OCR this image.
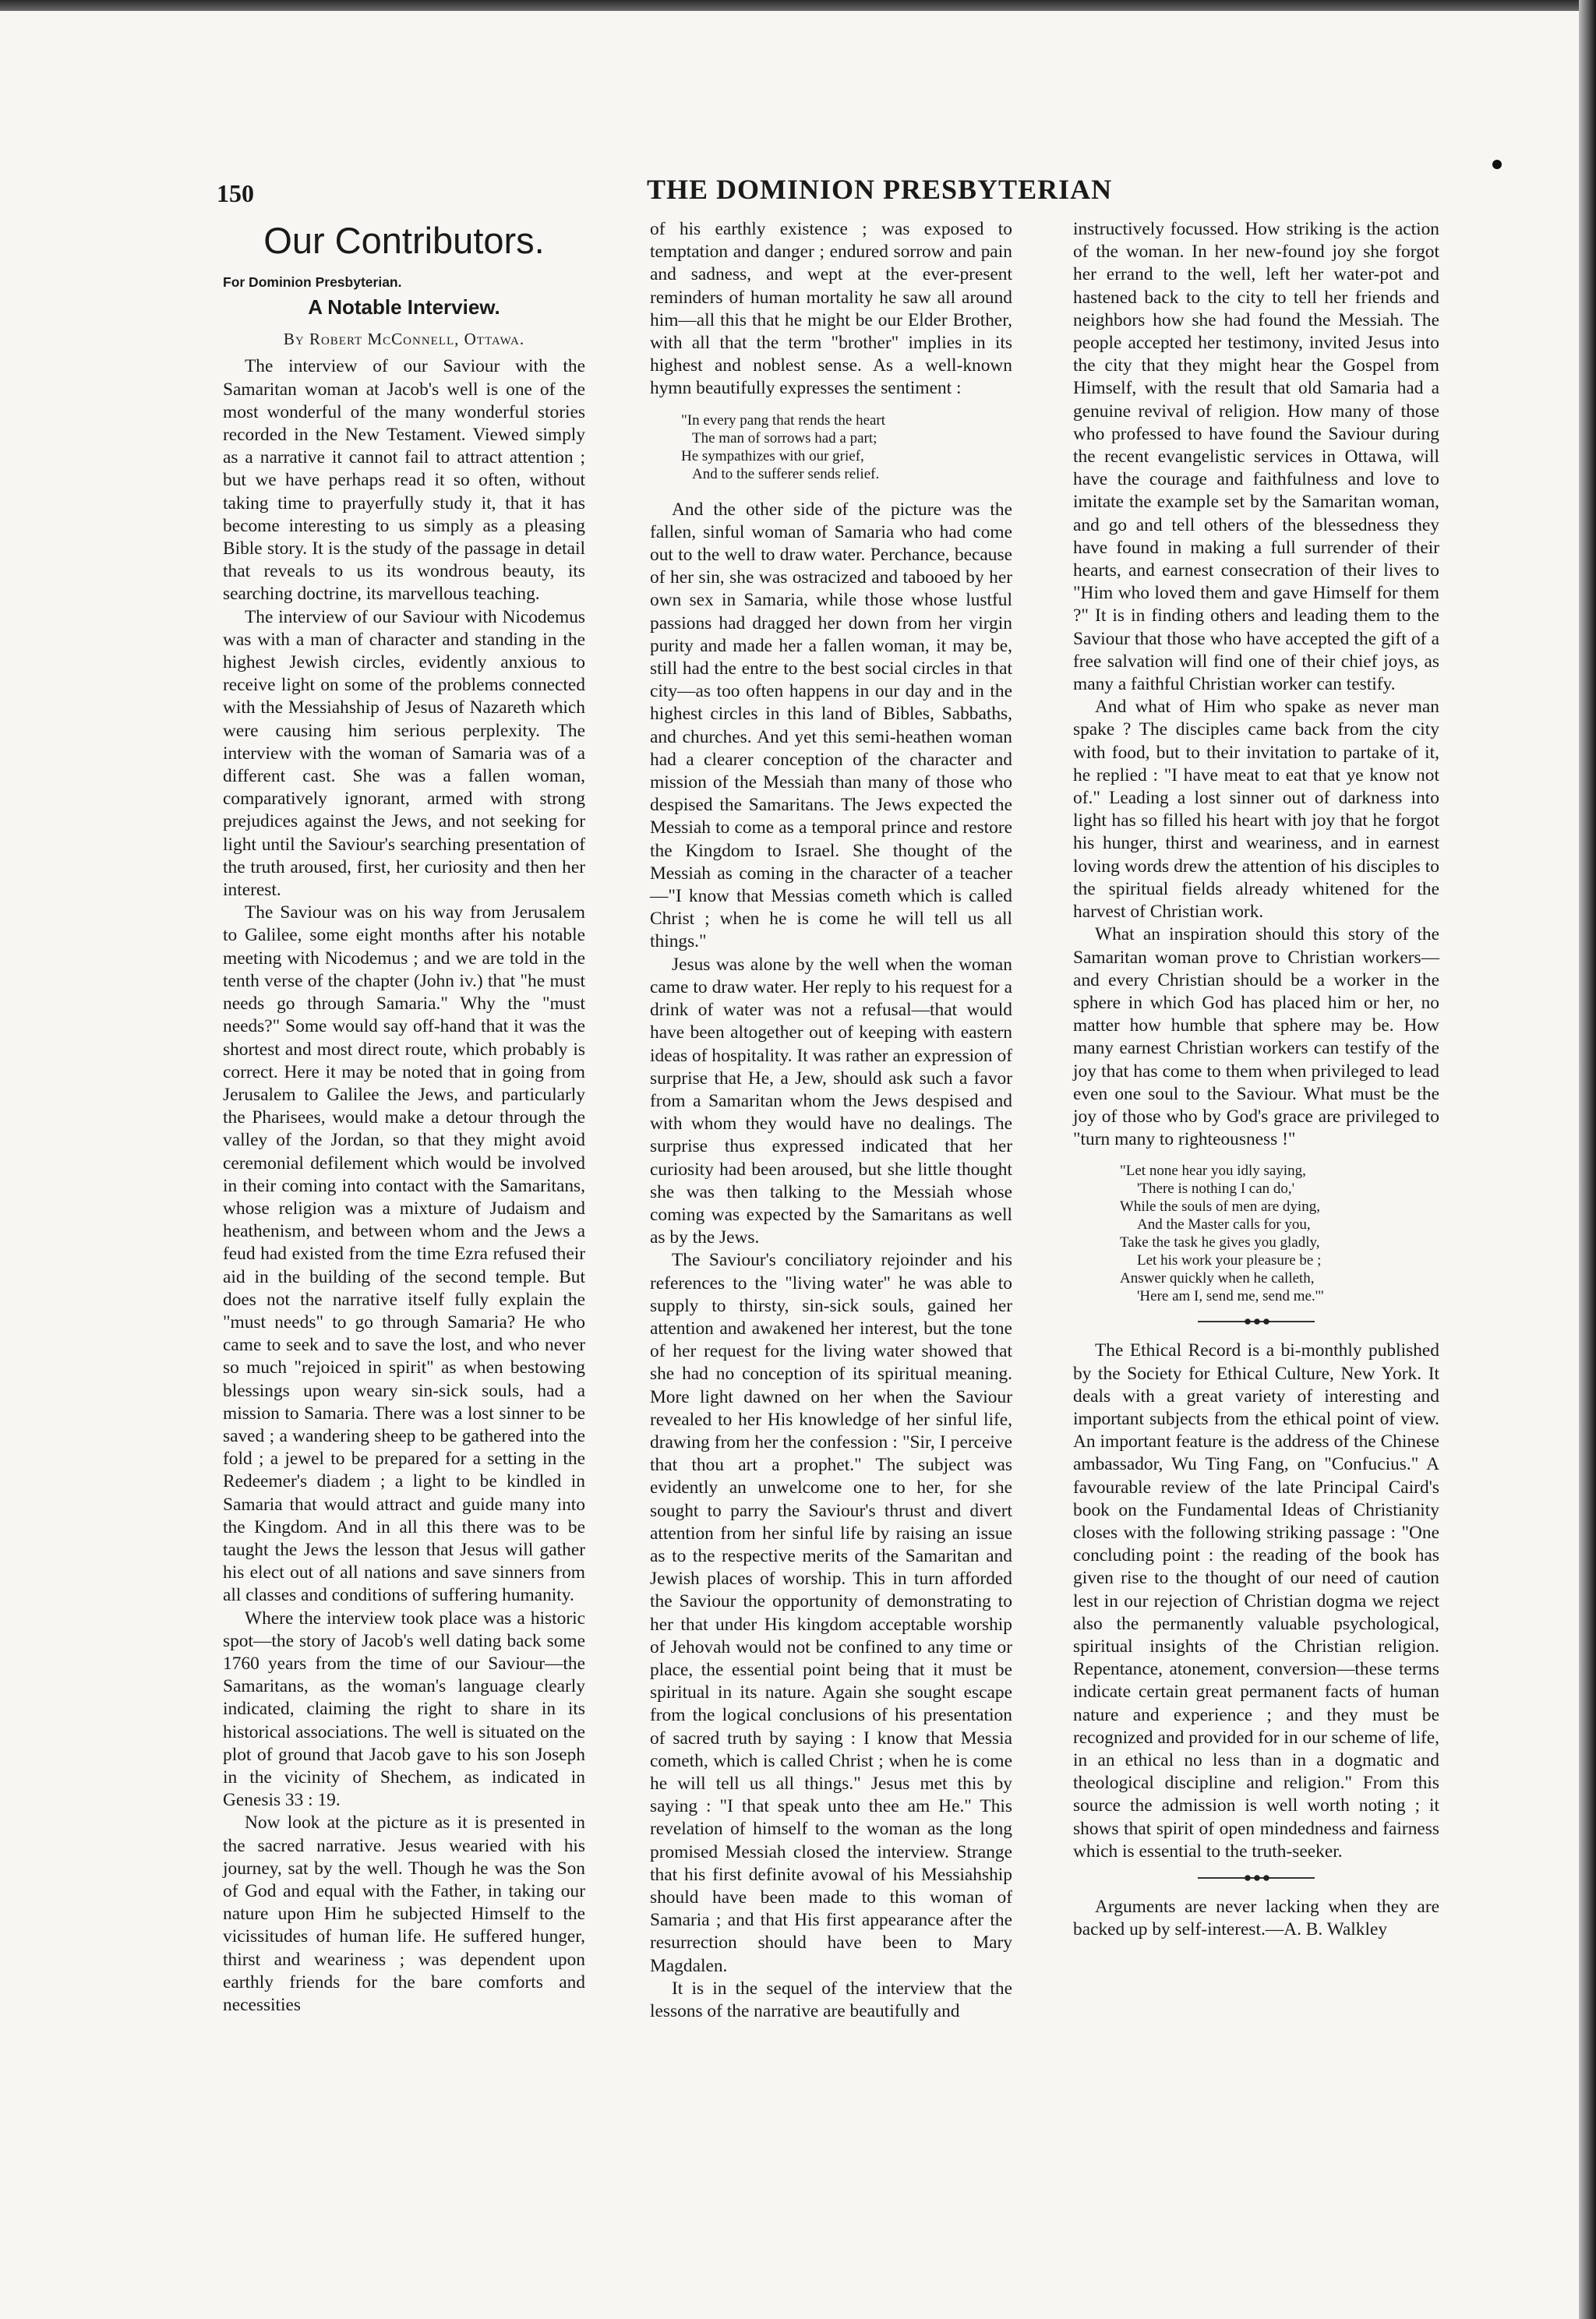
150	THE DOMINION PRESBYTERIAN
Our Contributors.

For Dominion Presbyterian.

A Notable Interview.
By Robert McConnell, Ottawa.

The interview of our Saviour with the Samaritan woman at Jacob's well is one of the most wonderful of the many wonderful stories recorded in the New Testament. Viewed simply as a narrative it cannot fail to attract attention ; but we have perhaps read it so often, without taking time to prayerfully study it, that it has become interesting to us simply as a pleasing Bible story. It is the study of the passage in detail that reveals to us its wondrous beauty, its searching doctrine, its marvellous teaching.

The interview of our Saviour with Nicodemus was with a man of character and standing in the highest Jewish circles, evidently anxious to receive light on some of the problems connected with the Messiahship of Jesus of Nazareth which were causing him serious perplexity. The interview with the woman of Samaria was of a different cast. She was a fallen woman, comparatively ignorant, armed with strong prejudices against the Jews, and not seeking for light until the Saviour's searching presentation of the truth aroused, first, her curiosity and then her interest.

The Saviour was on his way from Jerusalem to Galilee, some eight months after his notable meeting with Nicodemus ; and we are told in the tenth verse of the chapter (John iv.) that "he must needs go through Samaria." Why the "must needs?" Some would say off-hand that it was the shortest and most direct route, which probably is correct. Here it may be noted that in going from Jerusalem to Galilee the Jews, and particularly the Pharisees, would make a detour through the valley of the Jordan, so that they might avoid ceremonial defilement which would be involved in their coming into contact with the Samaritans, whose religion was a mixture of Judaism and heathenism, and between whom and the Jews a feud had existed from the time Ezra refused their aid in the building of the second temple. But does not the narrative itself fully explain the "must needs" to go through Samaria? He who came to seek and to save the lost, and who never so much "rejoiced in spirit" as when bestowing blessings upon weary sin-sick souls, had a mission to Samaria. There was a lost sinner to be saved ; a wandering sheep to be gathered into the fold ; a jewel to be prepared for a setting in the Redeemer's diadem ; a light to be kindled in Samaria that would attract and guide many into the Kingdom. And in all this there was to be taught the Jews the lesson that Jesus will gather his elect out of all nations and save sinners from all classes and conditions of suffering humanity.

Where the interview took place was a historic spot—the story of Jacob's well dating back some 1760 years from the time of our Saviour—the Samaritans, as the woman's language clearly indicated, claiming the right to share in its historical associations. The well is situated on the plot of ground that Jacob gave to his son Joseph in the vicinity of Shechem, as indicated in Genesis 33 : 19.

Now look at the picture as it is presented in the sacred narrative. Jesus wearied with his journey, sat by the well. Though he was the Son of God and equal with the Father, in taking our nature upon Him he subjected Himself to the vicissitudes of human life. He suffered hunger, thirst and weariness ; was dependent upon earthly friends for the bare comforts and necessities

of his earthly existence ; was exposed to temptation and danger ; endured sorrow and pain and sadness, and wept at the ever-present reminders of human mortality he saw all around him—all this that he might be our Elder Brother, with all that the term "brother" implies in its highest and noblest sense. As a well-known hymn beautifully expresses the sentiment :

"In every pang that rends the heart
The man of sorrows had a part;
He sympathizes with our grief,
And to the sufferer sends relief.

And the other side of the picture was the fallen, sinful woman of Samaria who had come out to the well to draw water. Perchance, because of her sin, she was ostracized and tabooed by her own sex in Samaria, while those whose lustful passions had dragged her down from her virgin purity and made her a fallen woman, it may be, still had the entre to the best social circles in that city—as too often happens in our day and in the highest circles in this land of Bibles, Sabbaths, and churches. And yet this semi-heathen woman had a clearer conception of the character and mission of the Messiah than many of those who despised the Samaritans. The Jews expected the Messiah to come as a temporal prince and restore the Kingdom to Israel. She thought of the Messiah as coming in the character of a teacher—"I know that Messias cometh which is called Christ ; when he is come he will tell us all things."

Jesus was alone by the well when the woman came to draw water. Her reply to his request for a drink of water was not a refusal—that would have been altogether out of keeping with eastern ideas of hospitality. It was rather an expression of surprise that He, a Jew, should ask such a favor from a Samaritan whom the Jews despised and with whom they would have no dealings. The surprise thus expressed indicated that her curiosity had been aroused, but she little thought she was then talking to the Messiah whose coming was expected by the Samaritans as well as by the Jews.

The Saviour's conciliatory rejoinder and his references to the "living water" he was able to supply to thirsty, sin-sick souls, gained her attention and awakened her interest, but the tone of her request for the living water showed that she had no conception of its spiritual meaning. More light dawned on her when the Saviour revealed to her His knowledge of her sinful life, drawing from her the confession : "Sir, I perceive that thou art a prophet." The subject was evidently an unwelcome one to her, for she sought to parry the Saviour's thrust and divert attention from her sinful life by raising an issue as to the respective merits of the Samaritan and Jewish places of worship. This in turn afforded the Saviour the opportunity of demonstrating to her that under His kingdom acceptable worship of Jehovah would not be confined to any time or place, the essential point being that it must be spiritual in its nature. Again she sought escape from the logical conclusions of his presentation of sacred truth by saying : I know that Messia cometh, which is called Christ ; when he is come he will tell us all things." Jesus met this by saying : "I that speak unto thee am He." This revelation of himself to the woman as the long promised Messiah closed the interview. Strange that his first definite avowal of his Messiahship should have been made to this woman of Samaria ; and that His first appearance after the resurrection should have been to Mary Magdalen.

It is in the sequel of the interview that the lessons of the narrative are beautifully and

instructively focussed. How striking is the action of the woman. In her new-found joy she forgot her errand to the well, left her water-pot and hastened back to the city to tell her friends and neighbors how she had found the Messiah. The people accepted her testimony, invited Jesus into the city that they might hear the Gospel from Himself, with the result that old Samaria had a genuine revival of religion. How many of those who professed to have found the Saviour during the recent evangelistic services in Ottawa, will have the courage and faithfulness and love to imitate the example set by the Samaritan woman, and go and tell others of the blessedness they have found in making a full surrender of their hearts, and earnest consecration of their lives to "Him who loved them and gave Himself for them ?" It is in finding others and leading them to the Saviour that those who have accepted the gift of a free salvation will find one of their chief joys, as many a faithful Christian worker can testify.

And what of Him who spake as never man spake ? The disciples came back from the city with food, but to their invitation to partake of it, he replied : "I have meat to eat that ye know not of." Leading a lost sinner out of darkness into light has so filled his heart with joy that he forgot his hunger, thirst and weariness, and in earnest loving words drew the attention of his disciples to the spiritual fields already whitened for the harvest of Christian work.

What an inspiration should this story of the Samaritan woman prove to Christian workers—and every Christian should be a worker in the sphere in which God has placed him or her, no matter how humble that sphere may be. How many earnest Christian workers can testify of the joy that has come to them when privileged to lead even one soul to the Saviour. What must be the joy of those who by God's grace are privileged to "turn many to righteousness !"

"Let none hear you idly saying,
'There is nothing I can do,'
While the souls of men are dying,
And the Master calls for you,
Take the task he gives you gladly,
Let his work your pleasure be ;
Answer quickly when he calleth,
'Here am I, send me, send me.'"

The Ethical Record is a bi-monthly published by the Society for Ethical Culture, New York. It deals with a great variety of interesting and important subjects from the ethical point of view. An important feature is the address of the Chinese ambassador, Wu Ting Fang, on "Confucius." A favourable review of the late Principal Caird's book on the Fundamental Ideas of Christianity closes with the following striking passage : "One concluding point : the reading of the book has given rise to the thought of our need of caution lest in our rejection of Christian dogma we reject also the permanently valuable psychological, spiritual insights of the Christian religion. Repentance, atonement, conversion—these terms indicate certain great permanent facts of human nature and experience ; and they must be recognized and provided for in our scheme of life, in an ethical no less than in a dogmatic and theological discipline and religion." From this source the admission is well worth noting ; it shows that spirit of open mindedness and fairness which is essential to the truth-seeker.

Arguments are never lacking when they are backed up by self-interest.—A. B. Walkley
